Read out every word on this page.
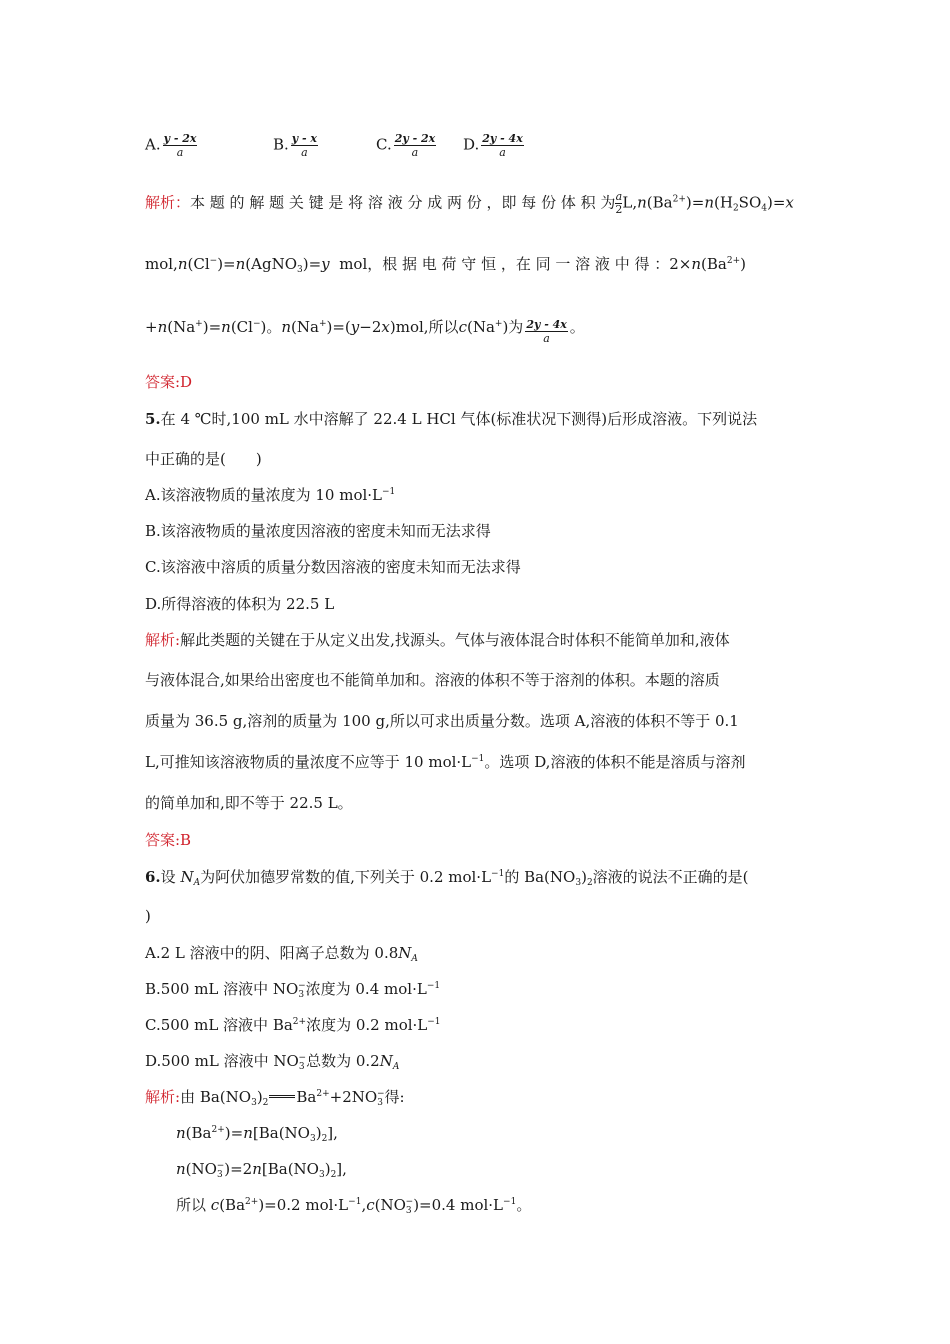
A. $\frac{y - 2x}{a}$	B. $\frac{y - x}{a}$	C. $\frac{2y - 2x}{a} D$. $\frac{2y - 4x}{a}$
解析：本 题 的 解 题 关 键 是 将 溶 液 分 成 两 份 ，即 每 份 体 积 为 $\frac{a}{2}L,n(Ba^{2+})=n(H_2SO_4)=x$
mol,n(Cl−)=n(AgNO$_3$)=y mol，根 据 电 荷 守 恒 ，在 同 一 溶 液 中 得 ：$2\times n(Ba^{2+})$
+n(Na+)=n(Cl−)。n(Na+)=(y−2x)mol,所以c(Na+)为 $\frac{2y - 4x}{a}$ 。
答案:D
5.在 4 ℃时,100 mL 水中溶解了 22.4 L HCl 气体(标准状况下测得)后形成溶液。下列说法
中正确的是(　　)
A.该溶液物质的量浓度为 10 $mol\cdot L^{-1}$
B.该溶液物质的量浓度因溶液的密度未知而无法求得
C.该溶液中溶质的质量分数因溶液的密度未知而无法求得
D.所得溶液的体积为 22.5 L
解析:解此类题的关键在于从定义出发,找源头。气体与液体混合时体积不能简单加和,液体
与液体混合,如果给出密度也不能简单加和。溶液的体积不等于溶剂的体积。本题的溶质
质量为 36.5 g,溶剂的质量为 100 g,所以可求出质量分数。选项 A,溶液的体积不等于 0.1
L,可推知该溶液物质的量浓度不应等于 10 $mol\cdot L^{-1}$。选项 D,溶液的体积不能是溶质与溶剂
的简单加和,即不等于 22.5 L。
答案:B
6.设 $N_A$为阿伏加德罗常数的值,下列关于 0.2 $mol\cdot L^{-1}$的 $Ba(NO_3)_2$溶液的说法不正确的是(
)
A.2 L 溶液中的阴、阳离子总数为 $0.8N_A$
B.500 mL 溶液中 $NO_3^-$浓度为 0.4 $mol\cdot L^{-1}$
C.500 mL 溶液中 $Ba^{2+}$浓度为 0.2 $mol\cdot L^{-1}$
D.500 mL 溶液中 $NO_3^-$总数为 $0.2N_A$
解析:由 $Ba(NO_3)_2$ $Ba^{2+}+2NO_3^-$得:
$n(Ba^{2+})=n[Ba(NO_3)_2]$,
$n(NO_3^-)=2n[Ba(NO_3)_2]$,
所以 $c(Ba^{2+})=0.2$ $mol\cdot L^{-1},c(NO_3^-)=0.4$ $mol\cdot L^{-1}$。
